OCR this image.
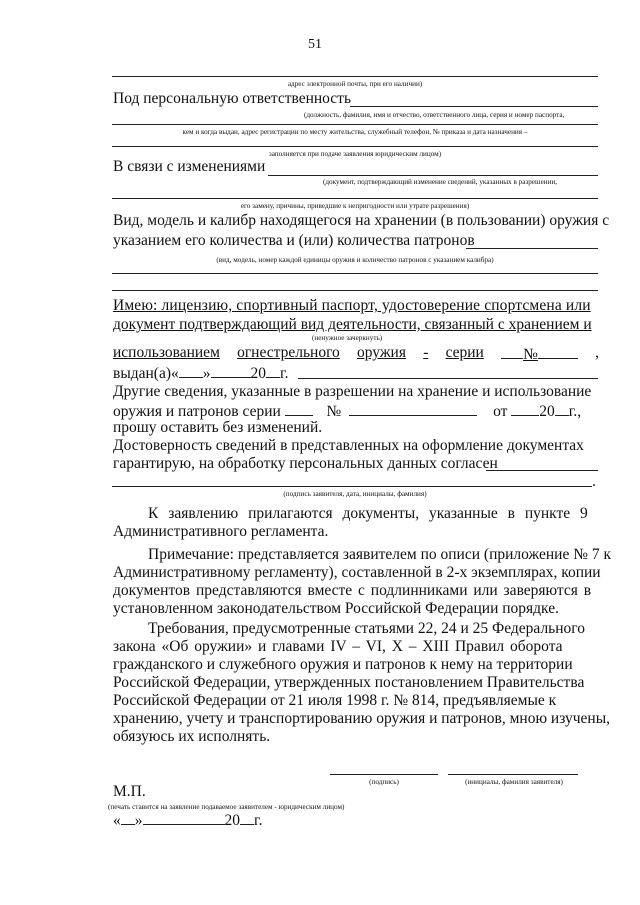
51
адрес электронной почты, при его наличии)
Под персональную ответственность
(должность, фамилия, имя и отчество, ответственного лица, серия и номер паспорта,
кем и когда выдан, адрес регистрации по месту жительства, служебный телефон, № приказа и дата назначения –
заполняется при подаче заявления юридическим лицом)
В связи с изменениями
(документ, подтверждающий изменение сведений, указанных в разрешении,
его замену, причины, приведшие к непригодности или утрате разрешения)
Вид, модель и калибр находящегося на хранении (в пользовании) оружия с
указанием его количества и (или) количества патронов
(вид, модель, номер каждой единицы оружия и количество патронов с указанием калибра)
Имею: лицензию, спортивный паспорт, удостоверение спортсмена или
документ подтверждающий вид деятельности, связанный с хранением и
(ненужное зачеркнуть)
использованием огнестрельного оружия - серии	№	,
выдан(а)« »	20 г.
Другие сведения, указанные в разрешении на хранение и использование
оружия и патронов серии	№	от 20 г.,
прошу оставить без изменений.
Достоверность сведений в представленных на оформление документах
гарантирую, на обработку персональных данных согласен
.
(подпись заявителя, дата, инициалы, фамилия)
К заявлению прилагаются документы, указанные в пункте 9
Административного регламента.
Примечание: представляется заявителем по описи (приложение № 7 к
Административному регламенту), составленной в 2-х экземплярах, копии
документов представляются вместе с подлинниками или заверяются в
установленном законодательством Российской Федерации порядке.
Требования, предусмотренные статьями 22, 24 и 25 Федерального
закона «Об оружии» и главами IV – VI, X – XIII Правил оборота
гражданского и служебного оружия и патронов к нему на территории
Российской Федерации, утвержденных постановлением Правительства
Российской Федерации от 21 июля 1998 г. № 814, предъявляемые к
хранению, учету и транспортированию оружия и патронов, мною изучены,
обязуюсь их исполнять.
(подпись)	(инициалы, фамилия заявителя)
М.П.
(печать ставится на заявление подаваемое заявителем - юридическим лицом)
« »	20 г.
